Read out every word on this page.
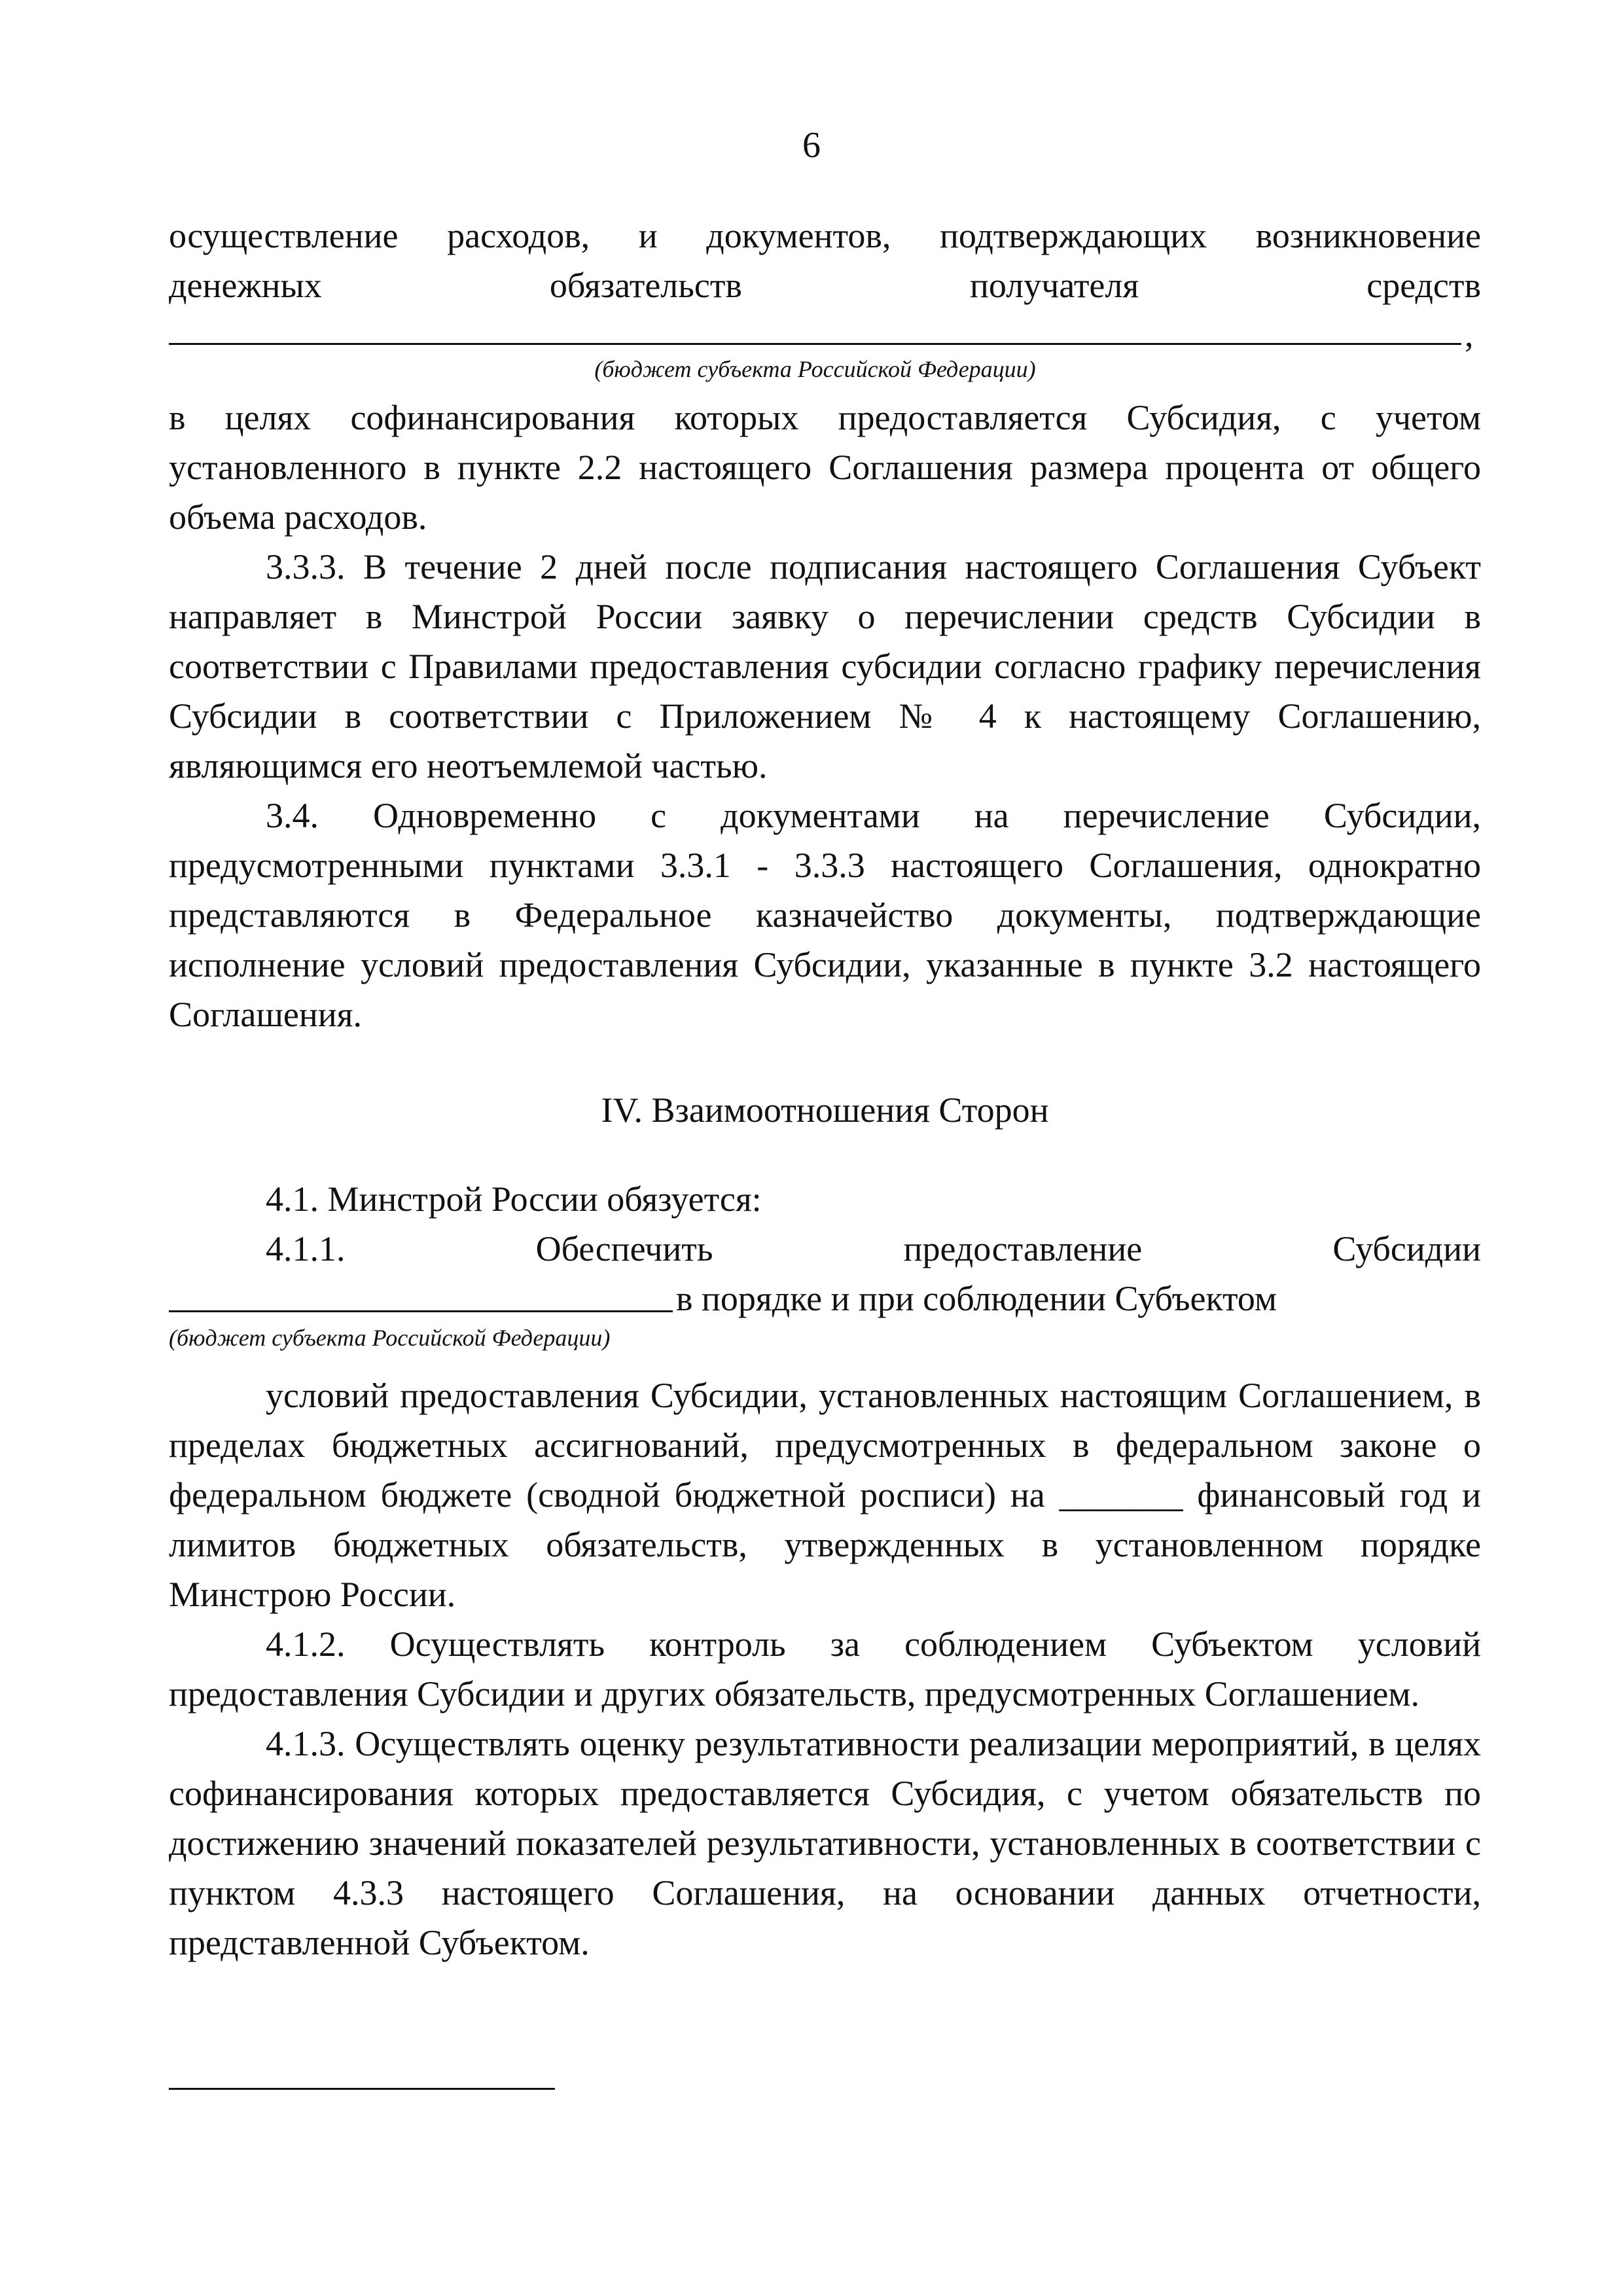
6

осуществление расходов, и документов, подтверждающих возникновение

денежных обязательств получателя средств

,
(бюджет субъекта Российской Федерации)

в целях софинансирования которых предоставляется Субсидия, с учетом установленного в пункте 2.2 настоящего Соглашения размера процента от общего объема расходов.

3.3.3. В течение 2 дней после подписания настоящего Соглашения Субъект направляет в Минстрой России заявку о перечислении средств Субсидии в соответствии с Правилами предоставления субсидии согласно графику перечисления Субсидии в соответствии с Приложением № 4 к настоящему Соглашению, являющимся его неотъемлемой частью.

3.4. Одновременно с документами на перечисление Субсидии, предусмотренными пунктами 3.3.1 - 3.3.3 настоящего Соглашения, однократно представляются в Федеральное казначейство документы, подтверждающие исполнение условий предоставления Субсидии, указанные в пункте 3.2 настоящего Соглашения.

IV. Взаимоотношения Сторон

4.1. Минстрой России обязуется:

4.1.1. Обеспечить предоставление Субсидии

в порядке и при соблюдении Субъектом
(бюджет субъекта Российской Федерации)

условий предоставления Субсидии, установленных настоящим Соглашением, в пределах бюджетных ассигнований, предусмотренных в федеральном законе о федеральном бюджете (сводной бюджетной росписи) на _______ финансовый год и лимитов бюджетных обязательств, утвержденных в установленном порядке Минстрою России.

4.1.2. Осуществлять контроль за соблюдением Субъектом условий предоставления Субсидии и других обязательств, предусмотренных Соглашением.

4.1.3. Осуществлять оценку результативности реализации мероприятий, в целях софинансирования которых предоставляется Субсидия, с учетом обязательств по достижению значений показателей результативности, установленных в соответствии с пунктом 4.3.3 настоящего Соглашения, на основании данных отчетности, представленной Субъектом.
